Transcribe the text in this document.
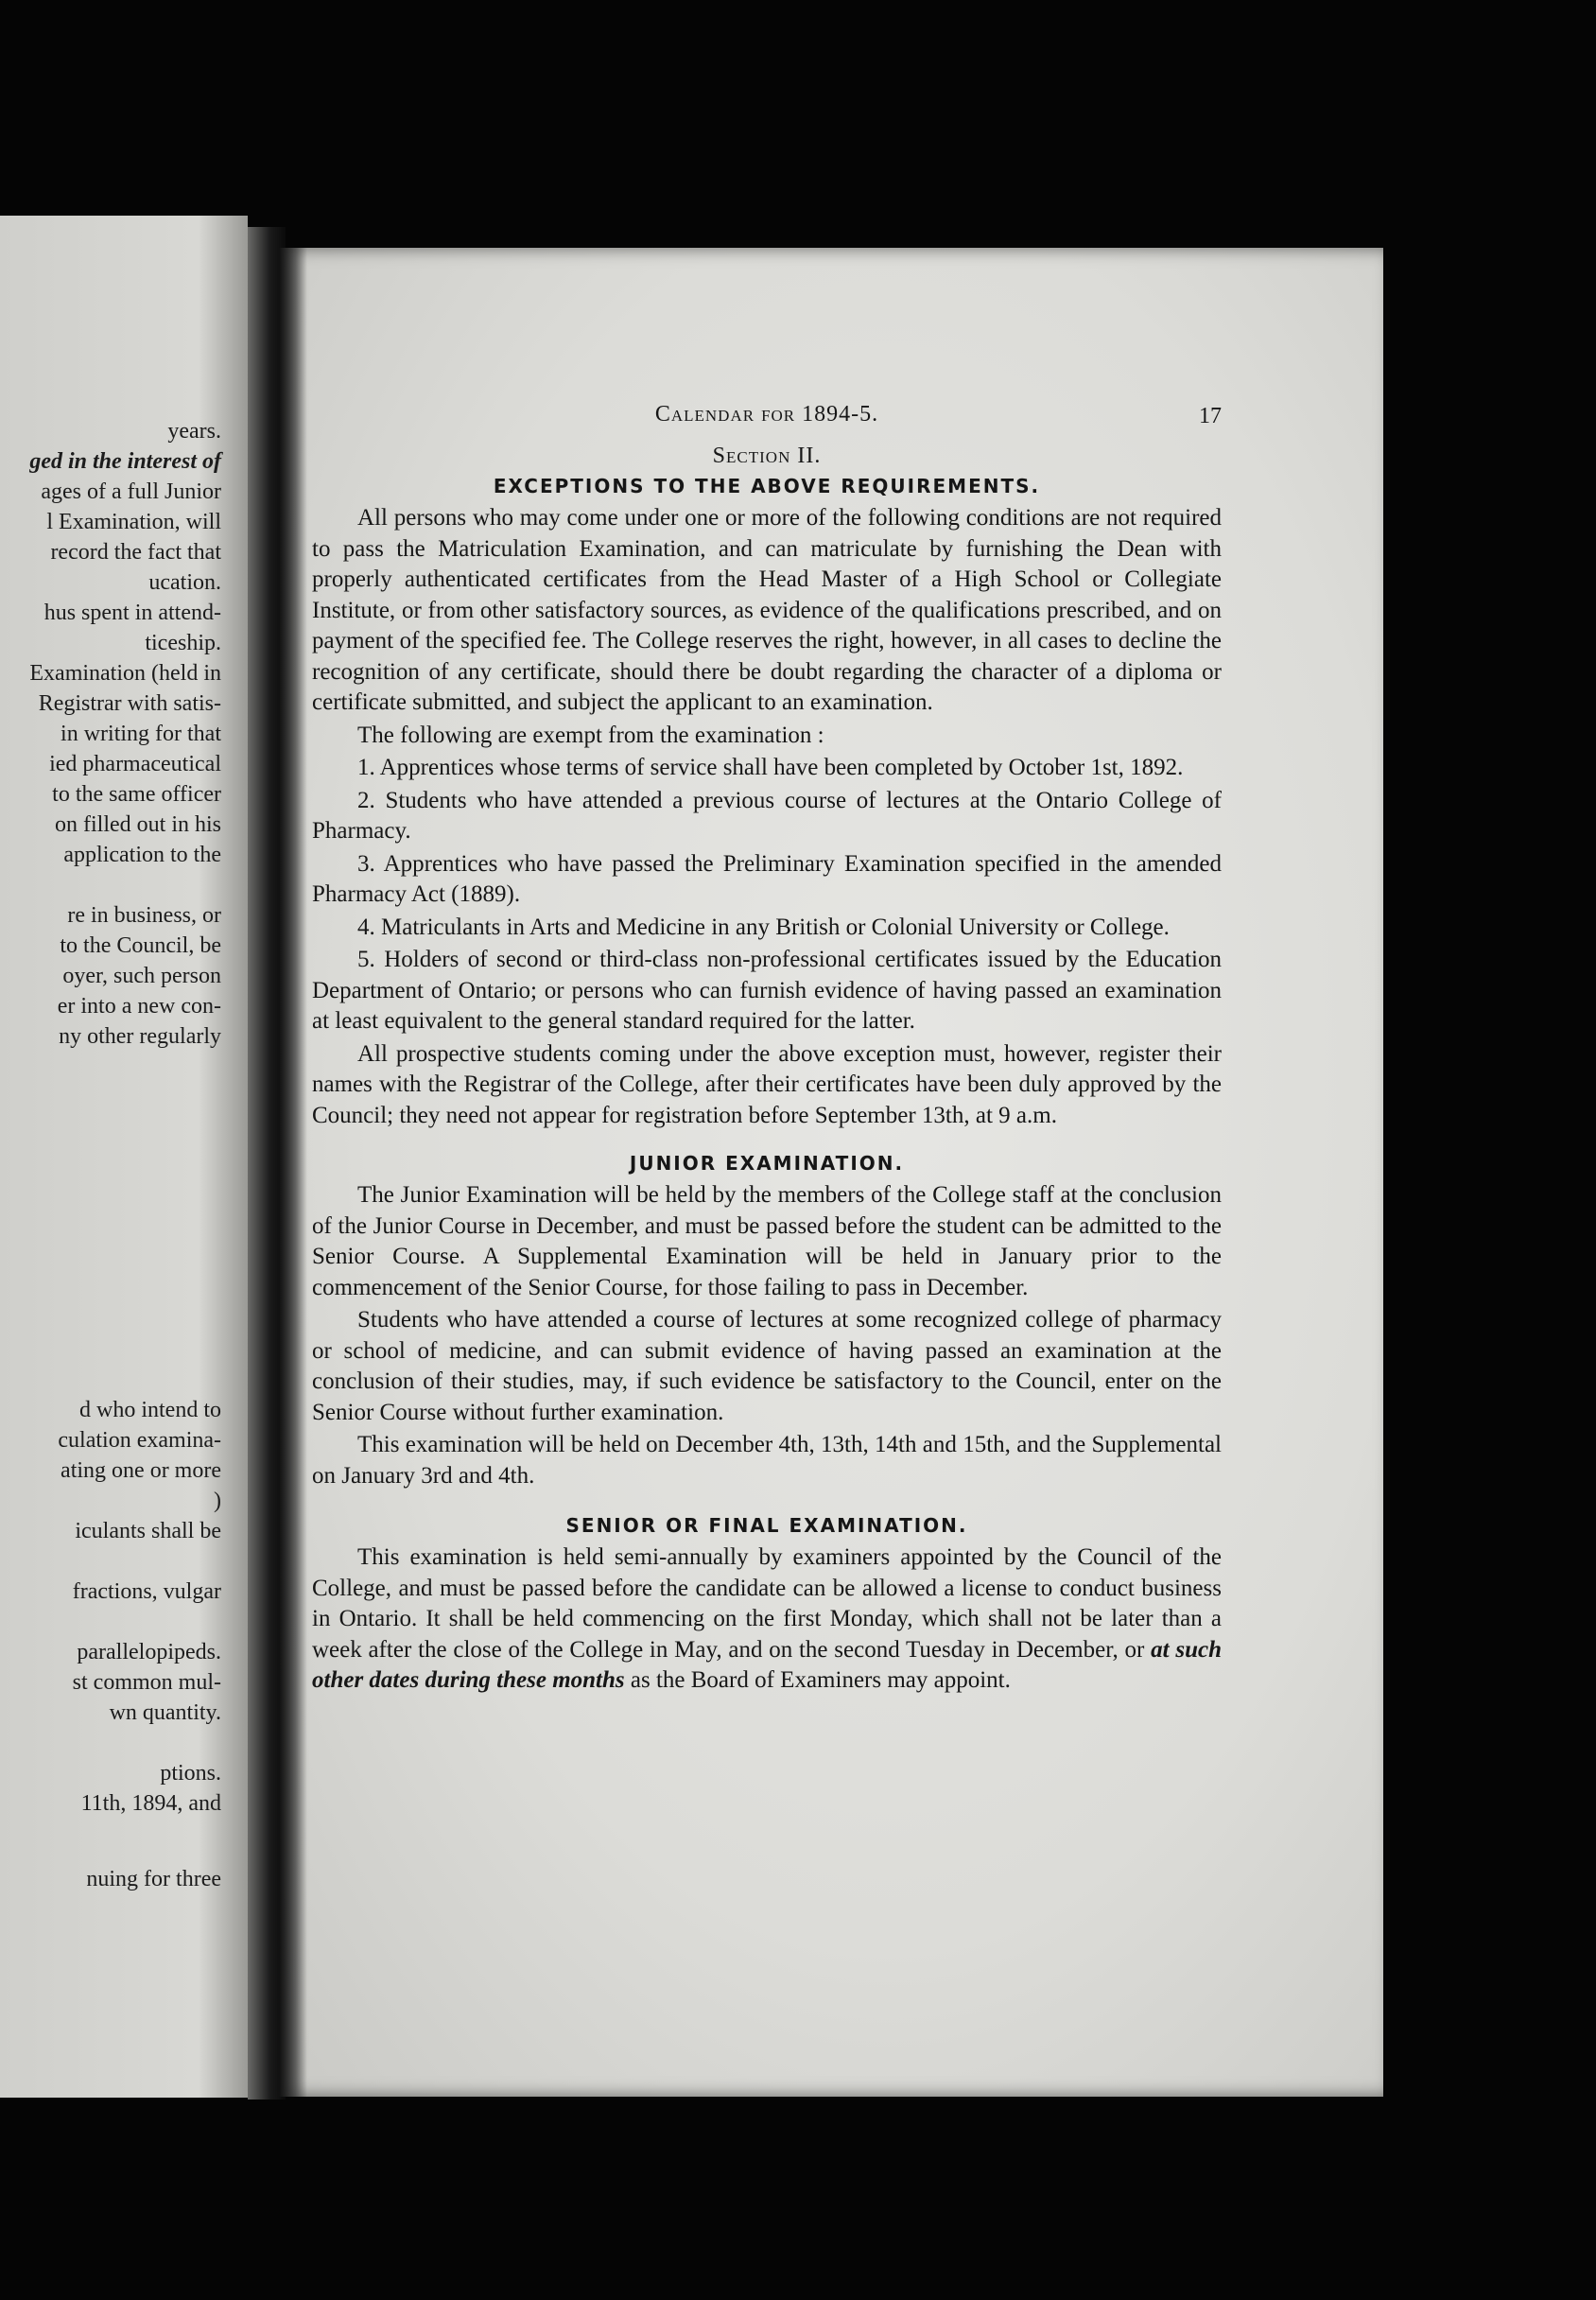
years.
ged in the interest of
ages of a full Junior
l Examination, will
record the fact that
ucation.
hus spent in attend-
ticeship.
Examination (held in
Registrar with satis-
in writing for that
ied pharmaceutical
to the same officer
on filled out in his
application to the
re in business, or
to the Council, be
oyer, such person
er into a new con-
ny other regularly
d who intend to
culation examina-
ating one or more
)
iculants shall be
fractions, vulgar
parallelopipeds.
st common mul-
wn quantity.
ptions.
11th, 1894, and
nuing for three
Calendar for 1894-5.	17
Section II.
EXCEPTIONS TO THE ABOVE REQUIREMENTS.

All persons who may come under one or more of the following conditions are not required to pass the Matriculation Examination, and can matriculate by furnishing the Dean with properly authenticated certificates from the Head Master of a High School or Collegiate Institute, or from other satisfactory sources, as evidence of the qualifications prescribed, and on payment of the specified fee. The College reserves the right, however, in all cases to decline the recognition of any certificate, should there be doubt regarding the character of a diploma or certificate submitted, and subject the applicant to an examination.

The following are exempt from the examination :

1. Apprentices whose terms of service shall have been completed by October 1st, 1892.

2. Students who have attended a previous course of lectures at the Ontario College of Pharmacy.

3. Apprentices who have passed the Preliminary Examination specified in the amended Pharmacy Act (1889).

4. Matriculants in Arts and Medicine in any British or Colonial University or College.

5. Holders of second or third-class non-professional certificates issued by the Education Department of Ontario; or persons who can furnish evidence of having passed an examination at least equivalent to the general standard required for the latter.

All prospective students coming under the above exception must, however, register their names with the Registrar of the College, after their certificates have been duly approved by the Council; they need not appear for registration before September 13th, at 9 a.m.

JUNIOR EXAMINATION.

The Junior Examination will be held by the members of the College staff at the conclusion of the Junior Course in December, and must be passed before the student can be admitted to the Senior Course. A Supplemental Examination will be held in January prior to the commencement of the Senior Course, for those failing to pass in December.

Students who have attended a course of lectures at some recognized college of pharmacy or school of medicine, and can submit evidence of having passed an examination at the conclusion of their studies, may, if such evidence be satisfactory to the Council, enter on the Senior Course without further examination.

This examination will be held on December 4th, 13th, 14th and 15th, and the Supplemental on January 3rd and 4th.

SENIOR OR FINAL EXAMINATION.

This examination is held semi-annually by examiners appointed by the Council of the College, and must be passed before the candidate can be allowed a license to conduct business in Ontario. It shall be held commencing on the first Monday, which shall not be later than a week after the close of the College in May, and on the second Tuesday in December, or at such other dates during these months as the Board of Examiners may appoint.
